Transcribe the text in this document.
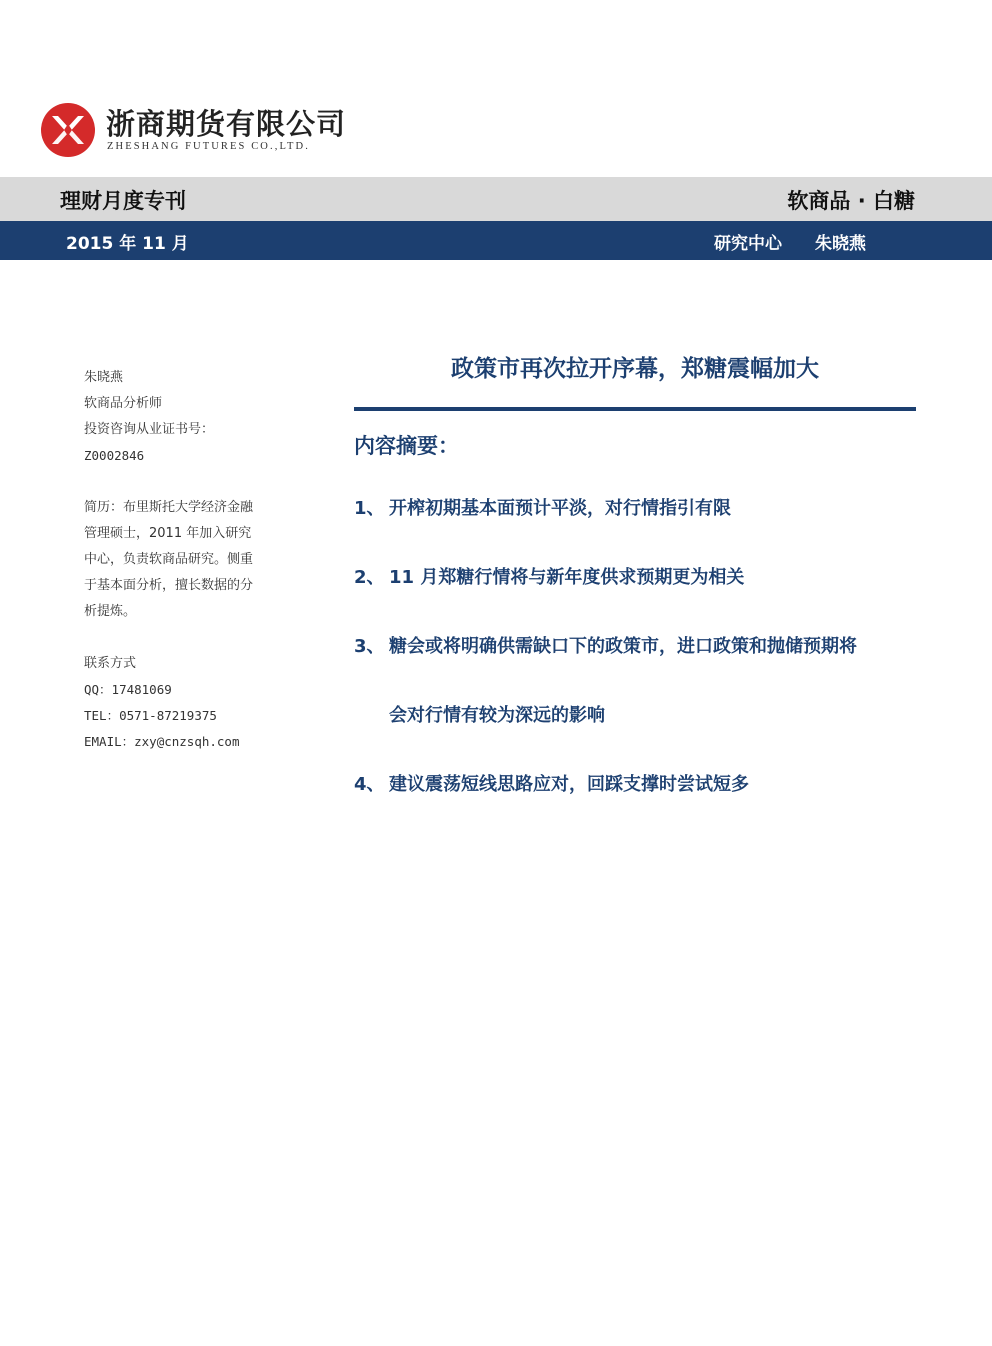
浙商期货有限公司
ZHESHANG FUTURES CO.,LTD.
理财月度专刊	软商品 · 白糖
2015 年 11 月	研究中心 朱晓燕

朱晓燕

软商品分析师

投资咨询从业证书号：

Z0002846

简历：布里斯托大学经济金融

管理硕士，2011 年加入研究

中心，负责软商品研究。侧重

于基本面分析，擅长数据的分

析提炼。

联系方式

QQ：17481069

TEL：0571-87219375

EMAIL：zxy@cnzsqh.com

政策市再次拉开序幕，郑糖震幅加大
内容摘要：
1、 开榨初期基本面预计平淡，对行情指引有限
2、 11 月郑糖行情将与新年度供求预期更为相关
3、 糖会或将明确供需缺口下的政策市，进口政策和抛储预期将
会对行情有较为深远的影响
4、 建议震荡短线思路应对，回踩支撑时尝试短多
